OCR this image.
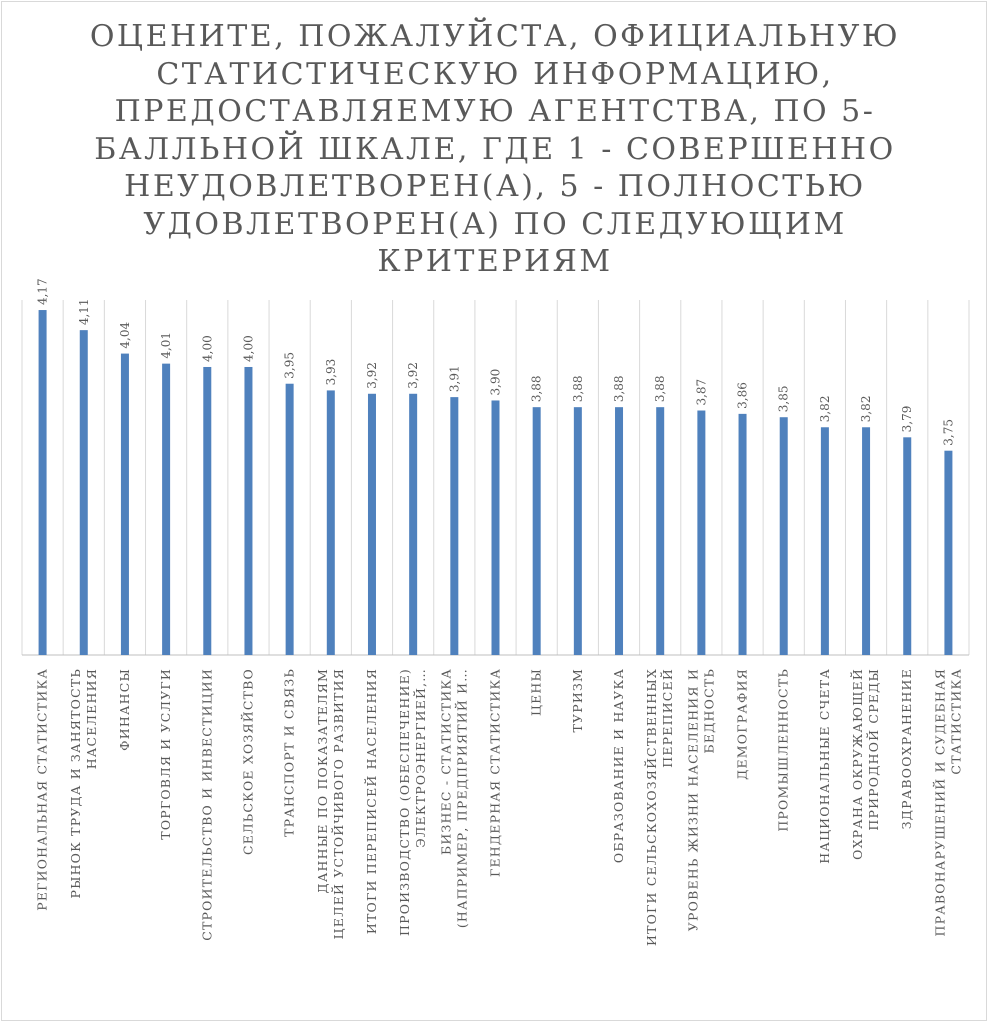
ОЦЕНИТЕ, ПОЖАЛУЙСТА, ОФИЦИАЛЬНУЮ СТАТИСТИЧЕСКУЮ ИНФОРМАЦИЮ, ПРЕДОСТАВЛЯЕМУЮ АГЕНТСТВА, ПО 5-БАЛЛЬНОЙ ШКАЛЕ, ГДЕ 1 - СОВЕРШЕННО НЕУДОВЛЕТВОРЕН(А), 5 - ПОЛНОСТЬЮ УДОВЛЕТВОРЕН(А) ПО СЛЕДУЮЩИМ КРИТЕРИЯМ
4,17
РЕГИОНАЛЬНАЯ СТАТИСТИКА
4,11
РЫНОК ТРУДА И ЗАНЯТОСТЬ НАСЕЛЕНИЯ
4,04
ФИНАНСЫ
4,01
ТОРГОВЛЯ И УСЛУГИ
4,00
СТРОИТЕЛЬСТВО И ИНВЕСТИЦИИ
4,00
СЕЛЬСКОЕ ХОЗЯЙСТВО
3,95
ТРАНСПОРТ И СВЯЗЬ
3,93
ДАННЫЕ ПО ПОКАЗАТЕЛЯМ ЦЕЛЕЙ УСТОЙЧИВОГО РАЗВИТИЯ
3,92
ИТОГИ ПЕРЕПИСЕЙ НАСЕЛЕНИЯ
3,92
ПРОИЗВОДСТВО (ОБЕСПЕЧЕНИЕ) ЭЛЕКТРОЭНЕРГИЕЙ,…
3,91
БИЗНЕС - СТАТИСТИКА (НАПРИМЕР, ПРЕДПРИЯТИЙ И…
3,90
ГЕНДЕРНАЯ СТАТИСТИКА
3,88
ЦЕНЫ
3,88
ТУРИЗМ
3,88
ОБРАЗОВАНИЕ И НАУКА
3,88
ИТОГИ СЕЛЬСКОХОЗЯЙСТВЕННЫХ ПЕРЕПИСЕЙ
3,87
УРОВЕНЬ ЖИЗНИ НАСЕЛЕНИЯ И БЕДНОСТЬ
3,86
ДЕМОГРАФИЯ
3,85
ПРОМЫШЛЕННОСТЬ
3,82
НАЦИОНАЛЬНЫЕ СЧЕТА
3,82
ОХРАНА ОКРУЖАЮЩЕЙ ПРИРОДНОЙ СРЕДЫ
3,79
ЗДРАВООХРАНЕНИЕ
3,75
ПРАВОНАРУШЕНИЙ И СУДЕБНАЯ СТАТИСТИКА
